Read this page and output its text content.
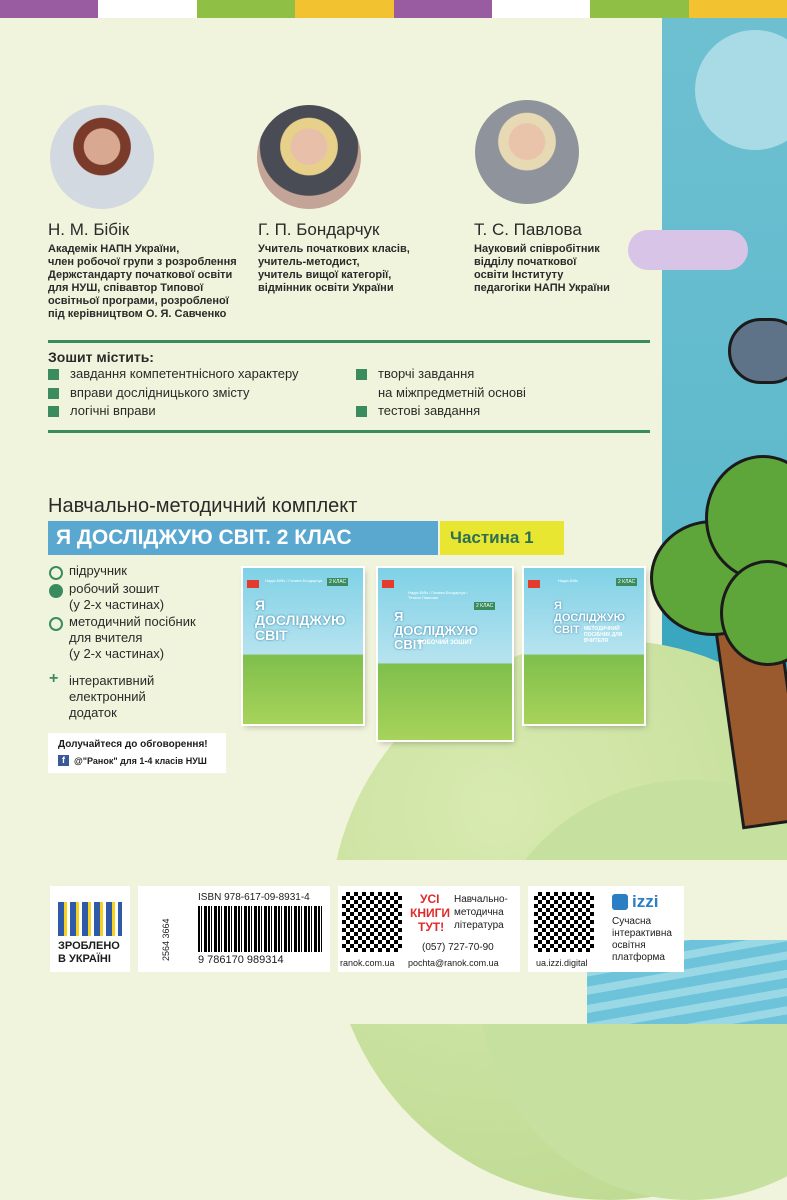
Н. М. Бібік
Академік НАПН України,
член робочої групи з розроблення
Держстандарту початкової освіти
для НУШ, співавтор Типової
освітньої програми, розробленої
під керівництвом О. Я. Савченко
Г. П. Бондарчук
Учитель початкових класів,
учитель-методист,
учитель вищої категорії,
відмінник освіти України
Т. С. Павлова
Науковий співробітник
відділу початкової
освіти Інституту
педагогіки НАПН України
Зошит містить:
завдання компетентнісного характеру
вправи дослідницького змісту
логічні вправи
творчі завдання
на міжпредметній основі
тестові завдання
Навчально-методичний комплект
Я ДОСЛІДЖУЮ СВІТ. 2 КЛАС	Частина 1
підручник
робочий зошит
(у 2-х частинах)
методичний посібник
для вчителя
(у 2-х частинах)
+ інтерактивний
електронний
додаток
Надія Бібік / Галина Бондарчук	2 КЛАС
Я ДОСЛІДЖУЮ СВІТ
Надія Бібік / Галина Бондарчук / Тетяна Павлова
2 КЛАС
Я ДОСЛІДЖУЮ СВІТ
РОБОЧИЙ ЗОШИТ
Надія Бібік	2 КЛАС
Я ДОСЛІДЖУЮ СВІТ МЕТОДИЧНИЙ ПОСІБНИК ДЛЯ ВЧИТЕЛЯ
Долучайтеся до обговорення!
f	@"Ранок" для 1-4 класів НУШ
ЗРОБЛЕНО
В УКРАЇНІ
ISBN 978-617-09-8931-4
2564 3664 9 786170 989314
УСІ
КНИГИ
ТУТ!
Навчально-
методична
література
(057) 727-70-90
ranok.com.ua pochta@ranok.com.ua
izzi
Сучасна
інтерактивна
освітня
платформа
ua.izzi.digital
